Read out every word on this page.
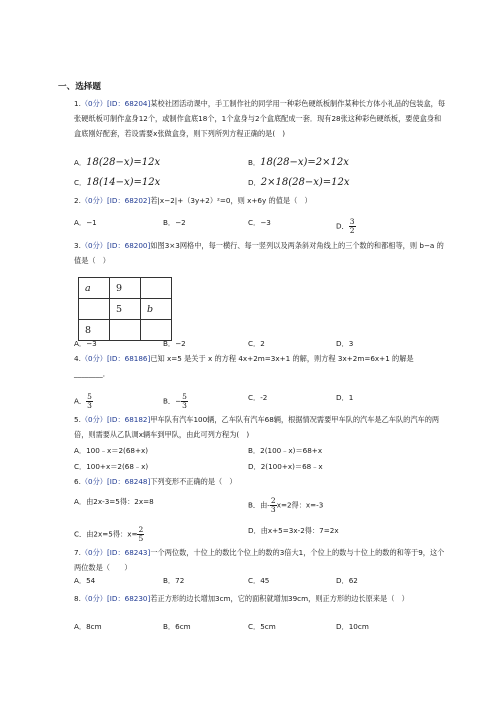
一、选择题
1.（0分）[ID：68204]某校社团活动课中，手工制作社的同学用一种彩色硬纸板制作某种长方体小礼品的包装盒，每张硬纸板可制作盒身12个，或制作盒底18个，1个盒身与2个盒底配成一套．现有28张这种彩色硬纸板，要使盒身和盒底刚好配套，若设需要x张做盒身，则下列所列方程正确的是(　)
A．18(28−x)=12x	B．18(28−x)=2×12x
C．18(14−x)=12x	D．2×18(28−x)=12x
2.（0分）[ID：68202]若|x−2|+（3y+2）²=0，则 x+6y 的值是（　）
A．−1	B．−2	C．−3	D． $\frac{3}{2}$
3.（0分）[ID：68200]如图3×3网格中，每一横行、每一竖列以及两条斜对角线上的三个数的和都相等，则 b−a 的值是（　）
a	9	
	5	b
8		
A．−3	B．−2	C．2	D．3
4.（0分）[ID：68186]已知 x=5 是关于 x 的方程 4x+2m=3x+1 的解，则方程 3x+2m=6x+1 的解是________．
A． $\frac{5}{3}$	B．− $\frac{5}{3}$	C．-2	D．1
5.（0分）[ID：68182]甲车队有汽车100辆，乙车队有汽车68辆，根据情况需要甲车队的汽车是乙车队的汽车的两倍，则需要从乙队调x辆车到甲队，由此可列方程为(　)
A．100﹣x＝2(68+x)	B．2(100﹣x)＝68+x
C．100+x＝2(68﹣x)	D．2(100+x)＝68﹣x
6.（0分）[ID：68248]下列变形不正确的是（　）
A．由2x-3=5得：2x=8	B．由- $\frac{2}{3} x=2$得：x=-3
C．由2x=5得：$x= \frac{2}{5}$	D．由x+5=3x-2得：7=2x
7.（0分）[ID：68243]一个两位数，十位上的数比个位上的数的3倍大1，个位上的数与十位上的数的和等于9，这个两位数是（　　）
A．54	B．72	C．45	D．62
8.（0分）[ID：68230]若正方形的边长增加3cm，它的面积就增加39cm，则正方形的边长原来是（　）
A．8cm	B．6cm	C．5cm	D．10cm
